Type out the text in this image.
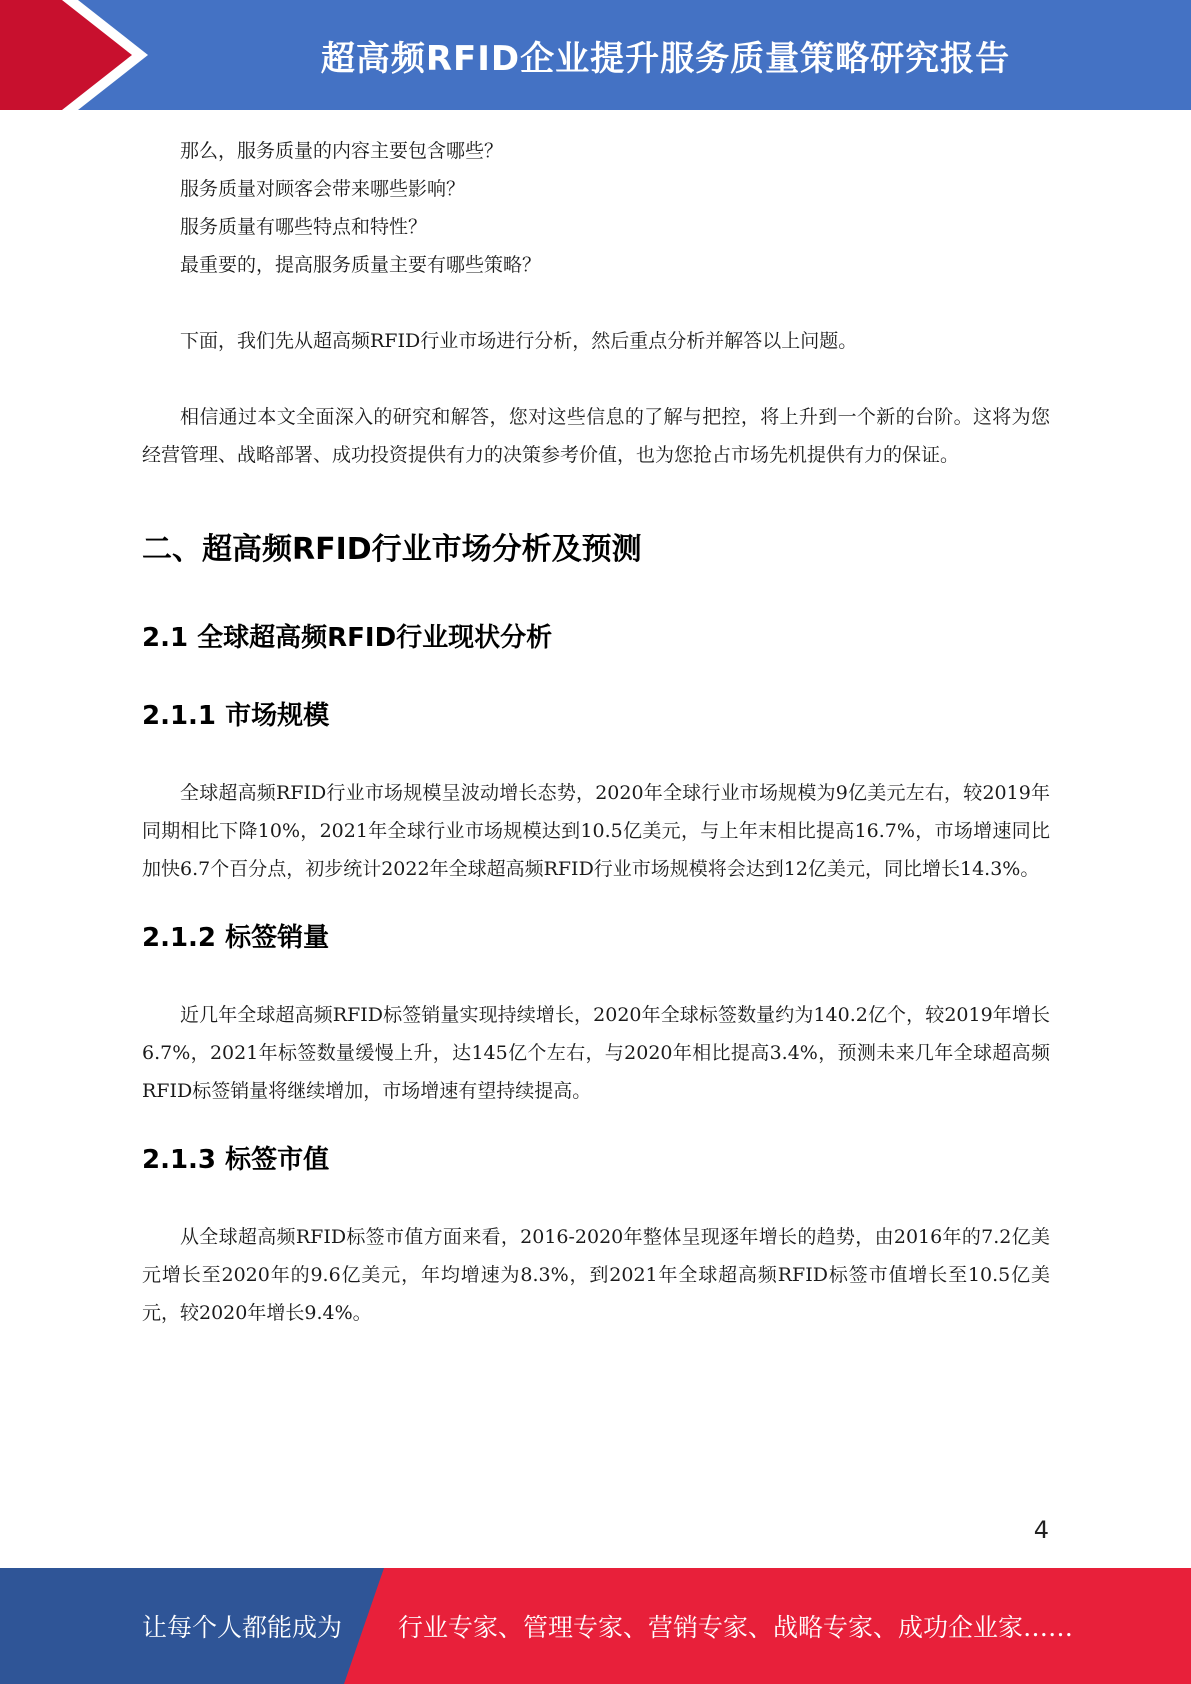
超高频RFID企业提升服务质量策略研究报告

那么，服务质量的内容主要包含哪些？

服务质量对顾客会带来哪些影响？

服务质量有哪些特点和特性？

最重要的，提高服务质量主要有哪些策略？

下面，我们先从超高频RFID行业市场进行分析，然后重点分析并解答以上问题。

相信通过本文全面深入的研究和解答，您对这些信息的了解与把控，将上升到一个新的台阶。这将为您经营管理、战略部署、成功投资提供有力的决策参考价值，也为您抢占市场先机提供有力的保证。

二、超高频RFID行业市场分析及预测
2.1 全球超高频RFID行业现状分析
2.1.1 市场规模

全球超高频RFID行业市场规模呈波动增长态势，2020年全球行业市场规模为9亿美元左右，较2019年同期相比下降10%，2021年全球行业市场规模达到10.5亿美元，与上年末相比提高16.7%，市场增速同比加快6.7个百分点，初步统计2022年全球超高频RFID行业市场规模将会达到12亿美元，同比增长14.3%。

2.1.2 标签销量

近几年全球超高频RFID标签销量实现持续增长，2020年全球标签数量约为140.2亿个，较2019年增长6.7%，2021年标签数量缓慢上升，达145亿个左右，与2020年相比提高3.4%，预测未来几年全球超高频RFID标签销量将继续增加，市场增速有望持续提高。

2.1.3 标签市值

从全球超高频RFID标签市值方面来看，2016-2020年整体呈现逐年增长的趋势，由2016年的7.2亿美元增长至2020年的9.6亿美元，年均增速为8.3%，到2021年全球超高频RFID标签市值增长至10.5亿美元，较2020年增长9.4%。

4
让每个人都能成为 行业专家、管理专家、营销专家、战略专家、成功企业家……
